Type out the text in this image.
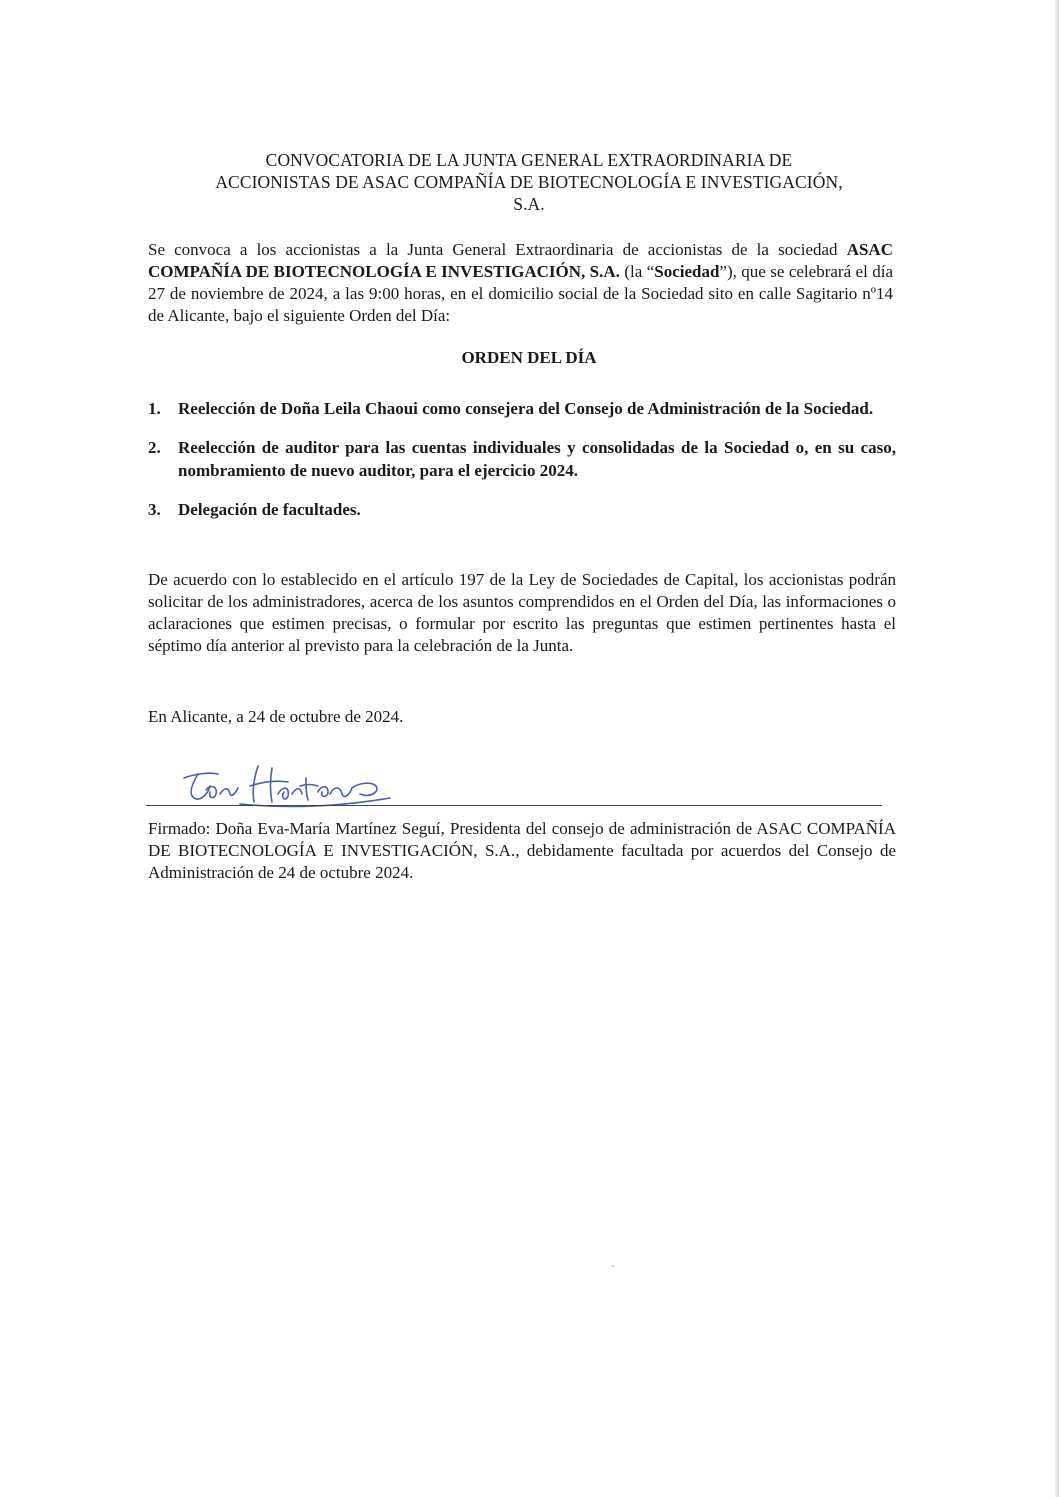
CONVOCATORIA DE LA JUNTA GENERAL EXTRAORDINARIA DE
ACCIONISTAS DE ASAC COMPAÑÍA DE BIOTECNOLOGÍA E INVESTIGACIÓN,
S.A.

Se convoca a los accionistas a la Junta General Extraordinaria de accionistas de la sociedad ASAC COMPAÑÍA DE BIOTECNOLOGÍA E INVESTIGACIÓN, S.A. (la “Sociedad”), que se celebrará el día 27 de noviembre de 2024, a las 9:00 horas, en el domicilio social de la Sociedad sito en calle Sagitario nº14 de Alicante, bajo el siguiente Orden del Día:

ORDEN DEL DÍA
1. Reelección de Doña Leila Chaoui como consejera del Consejo de Administración de la Sociedad.
2. Reelección de auditor para las cuentas individuales y consolidadas de la Sociedad o, en su caso, nombramiento de nuevo auditor, para el ejercicio 2024.
3. Delegación de facultades.

De acuerdo con lo establecido en el artículo 197 de la Ley de Sociedades de Capital, los accionistas podrán solicitar de los administradores, acerca de los asuntos comprendidos en el Orden del Día, las informaciones o aclaraciones que estimen precisas, o formular por escrito las preguntas que estimen pertinentes hasta el séptimo día anterior al previsto para la celebración de la Junta.

En Alicante, a 24 de octubre de 2024.

Firmado: Doña Eva-María Martínez Seguí, Presidenta del consejo de administración de ASAC COMPAÑÍA DE BIOTECNOLOGÍA E INVESTIGACIÓN, S.A., debidamente facultada por acuerdos del Consejo de Administración de 24 de octubre 2024.
